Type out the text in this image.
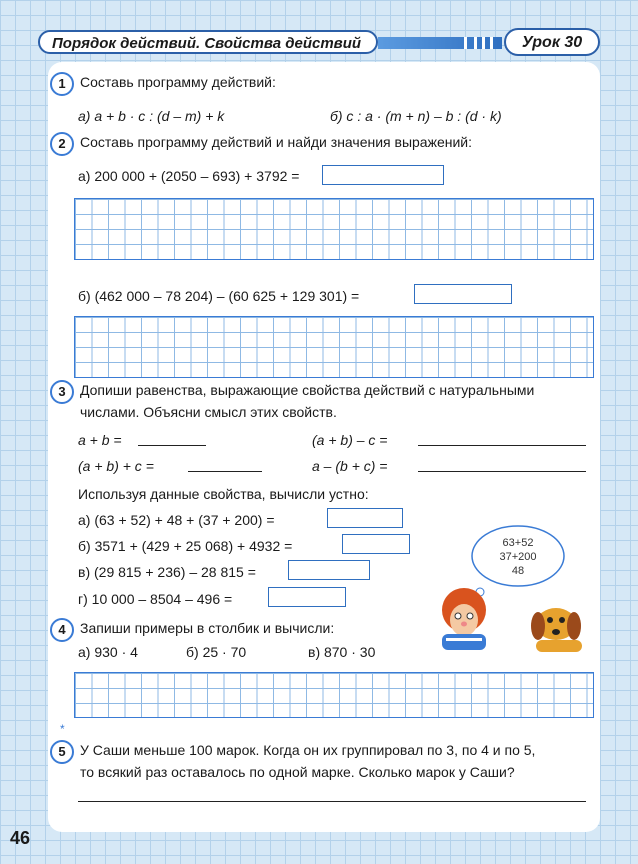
Порядок действий. Свойства действий	Урок 30
1	Составь программу действий:
а) a + b · c : (d – m) + k	б) c : a · (m + n) – b : (d · k)
2	Составь программу действий и найди значения выражений:
а) 200 000 + (2050 – 693) + 3792 =
б) (462 000 – 78 204) – (60 625 + 129 301) =
3	Допиши равенства, выражающие свойства действий с натуральными
числами. Объясни смысл этих свойств.
a + b =	(a + b) – c =
(a + b) + c =	a – (b + c) =
Используя данные свойства, вычисли устно:
а) (63 + 52) + 48 + (37 + 200) =
б) 3571 + (429 + 25 068) + 4932 =
в) (29 815 + 236) – 28 815 =
г) 10 000 – 8504 – 496 =
63+52
37+200
48
4	Запиши примеры в столбик и вычисли:
а) 930 · 4	б) 25 · 70	в) 870 · 30
*
5	У Саши меньше 100 марок. Когда он их группировал по 3, по 4 и по 5,
то всякий раз оставалось по одной марке. Сколько марок у Саши?
46
